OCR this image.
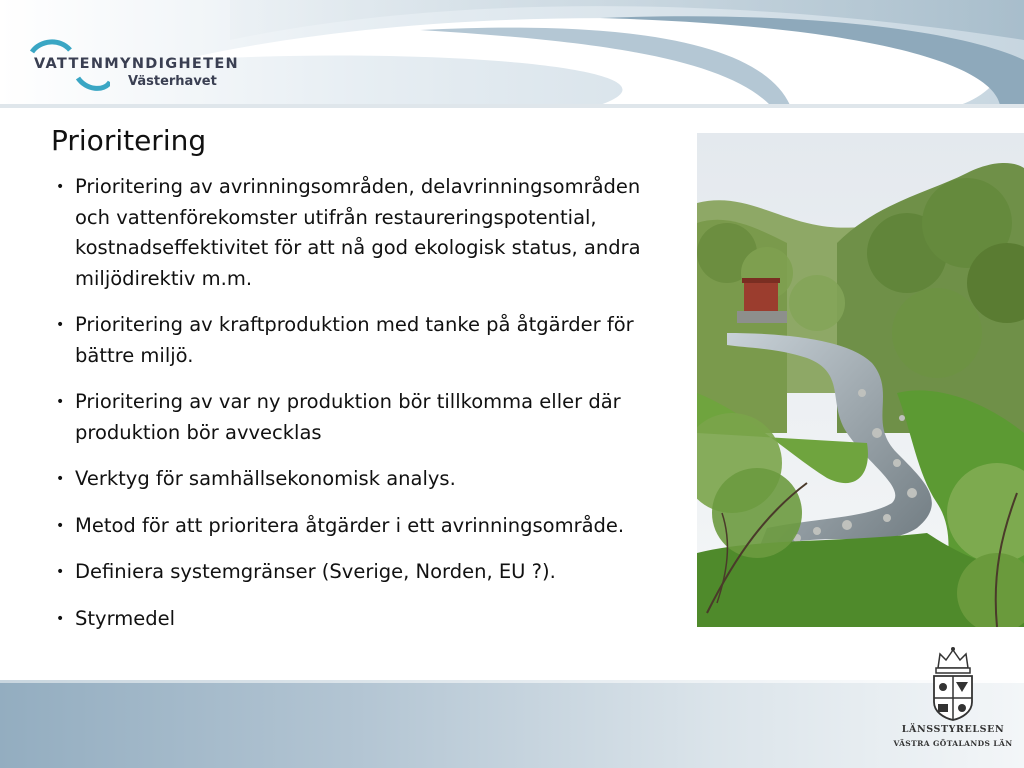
VATTENMYNDIGHETEN
Västerhavet
Prioritering
• Prioritering av avrinningsområden, delavrinningsområden och vattenförekomster utifrån restaureringspotential, kostnadseffektivitet för att nå god ekologisk status, andra miljödirektiv m.m.
• Prioritering av kraftproduktion med tanke på åtgärder för bättre miljö.
• Prioritering av var ny produktion bör tillkomma eller där produktion bör avvecklas
• Verktyg för samhällsekonomisk analys.
• Metod för att prioritera åtgärder i ett avrinningsområde.
• Definiera systemgränser (Sverige, Norden, EU ?).
• Styrmedel
LÄNSSTYRELSEN
VÄSTRA GÖTALANDS LÄN
